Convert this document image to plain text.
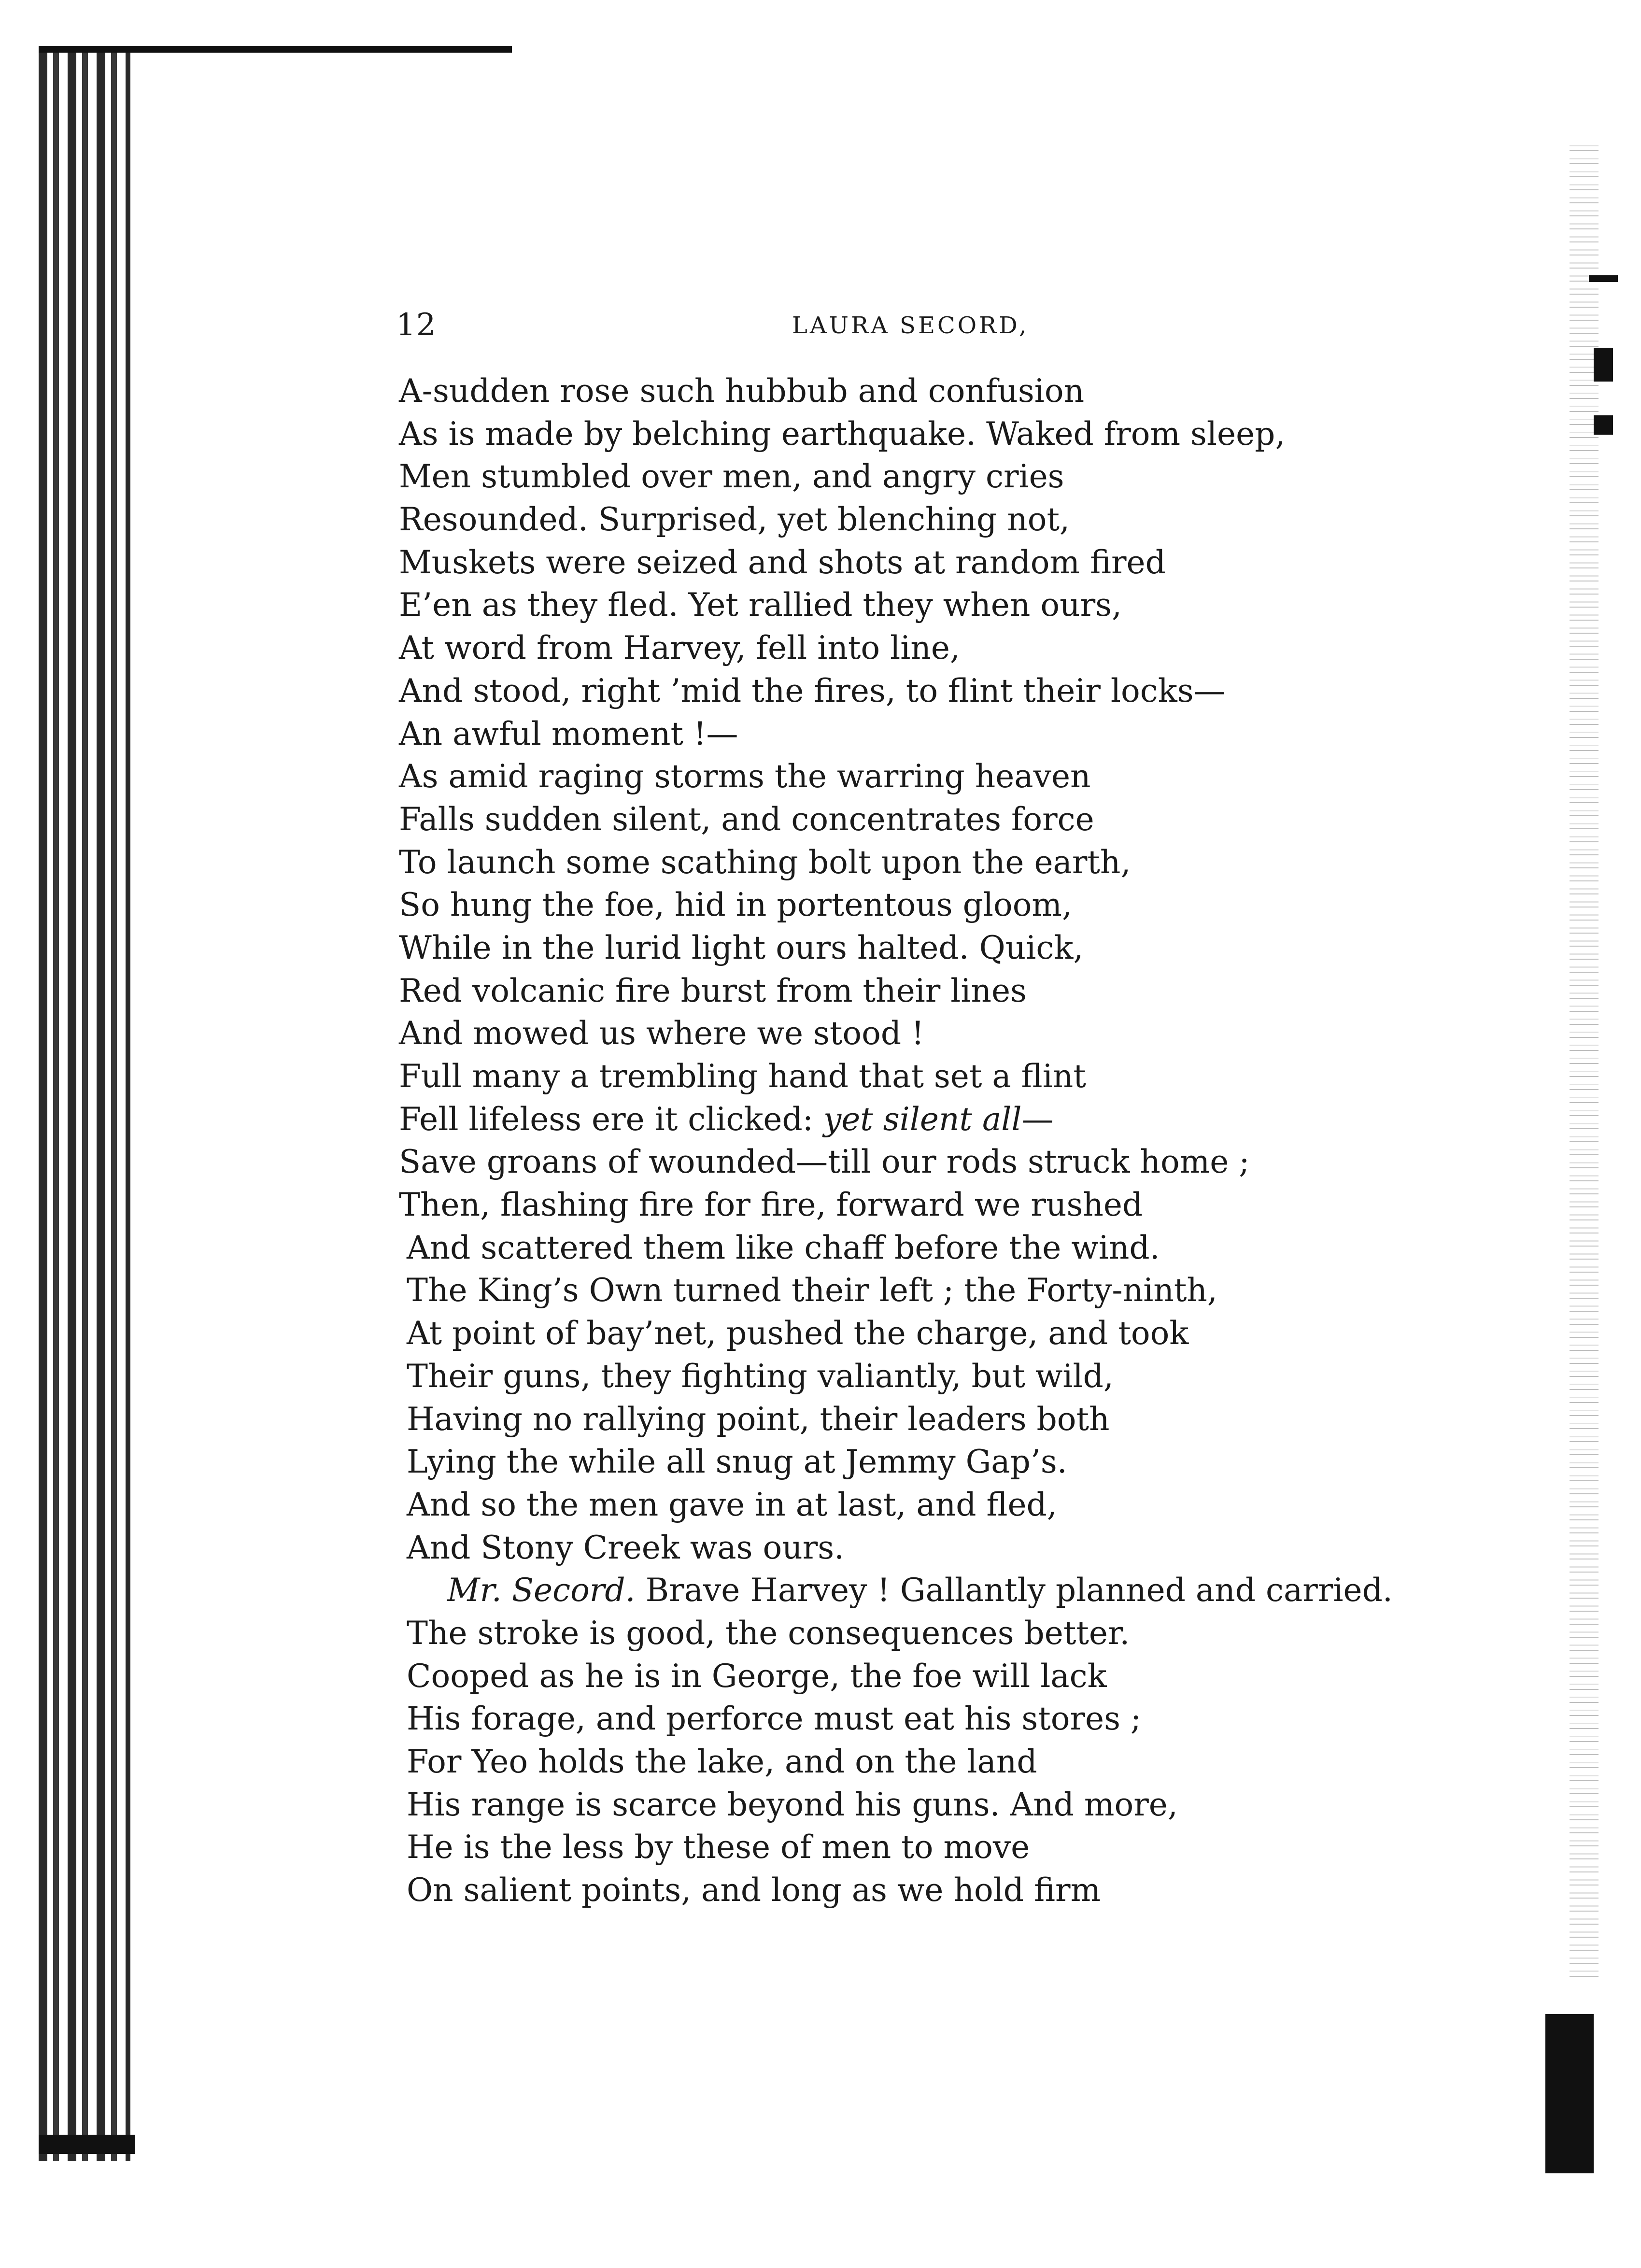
12	LAURA SECORD,
A-sudden rose such hubbub and confusion
As is made by belching earthquake. Waked from sleep,
Men stumbled over men, and angry cries
Resounded. Surprised, yet blenching not,
Muskets were seized and shots at random fired
E’en as they fled. Yet rallied they when ours,
At word from Harvey, fell into line,
And stood, right ’mid the fires, to flint their locks—
An awful moment !—
As amid raging storms the warring heaven
Falls sudden silent, and concentrates force
To launch some scathing bolt upon the earth,
So hung the foe, hid in portentous gloom,
While in the lurid light ours halted. Quick,
Red volcanic fire burst from their lines
And mowed us where we stood !
Full many a trembling hand that set a flint
Fell lifeless ere it clicked: yet silent all—
Save groans of wounded—till our rods struck home ;
Then, flashing fire for fire, forward we rushed
And scattered them like chaff before the wind.
The King’s Own turned their left ; the Forty-ninth,
At point of bay’net, pushed the charge, and took
Their guns, they fighting valiantly, but wild,
Having no rallying point, their leaders both
Lying the while all snug at Jemmy Gap’s.
And so the men gave in at last, and fled,
And Stony Creek was ours.
Mr. Secord. Brave Harvey ! Gallantly planned and carried.
The stroke is good, the consequences better.
Cooped as he is in George, the foe will lack
His forage, and perforce must eat his stores ;
For Yeo holds the lake, and on the land
His range is scarce beyond his guns. And more,
He is the less by these of men to move
On salient points, and long as we hold firm
